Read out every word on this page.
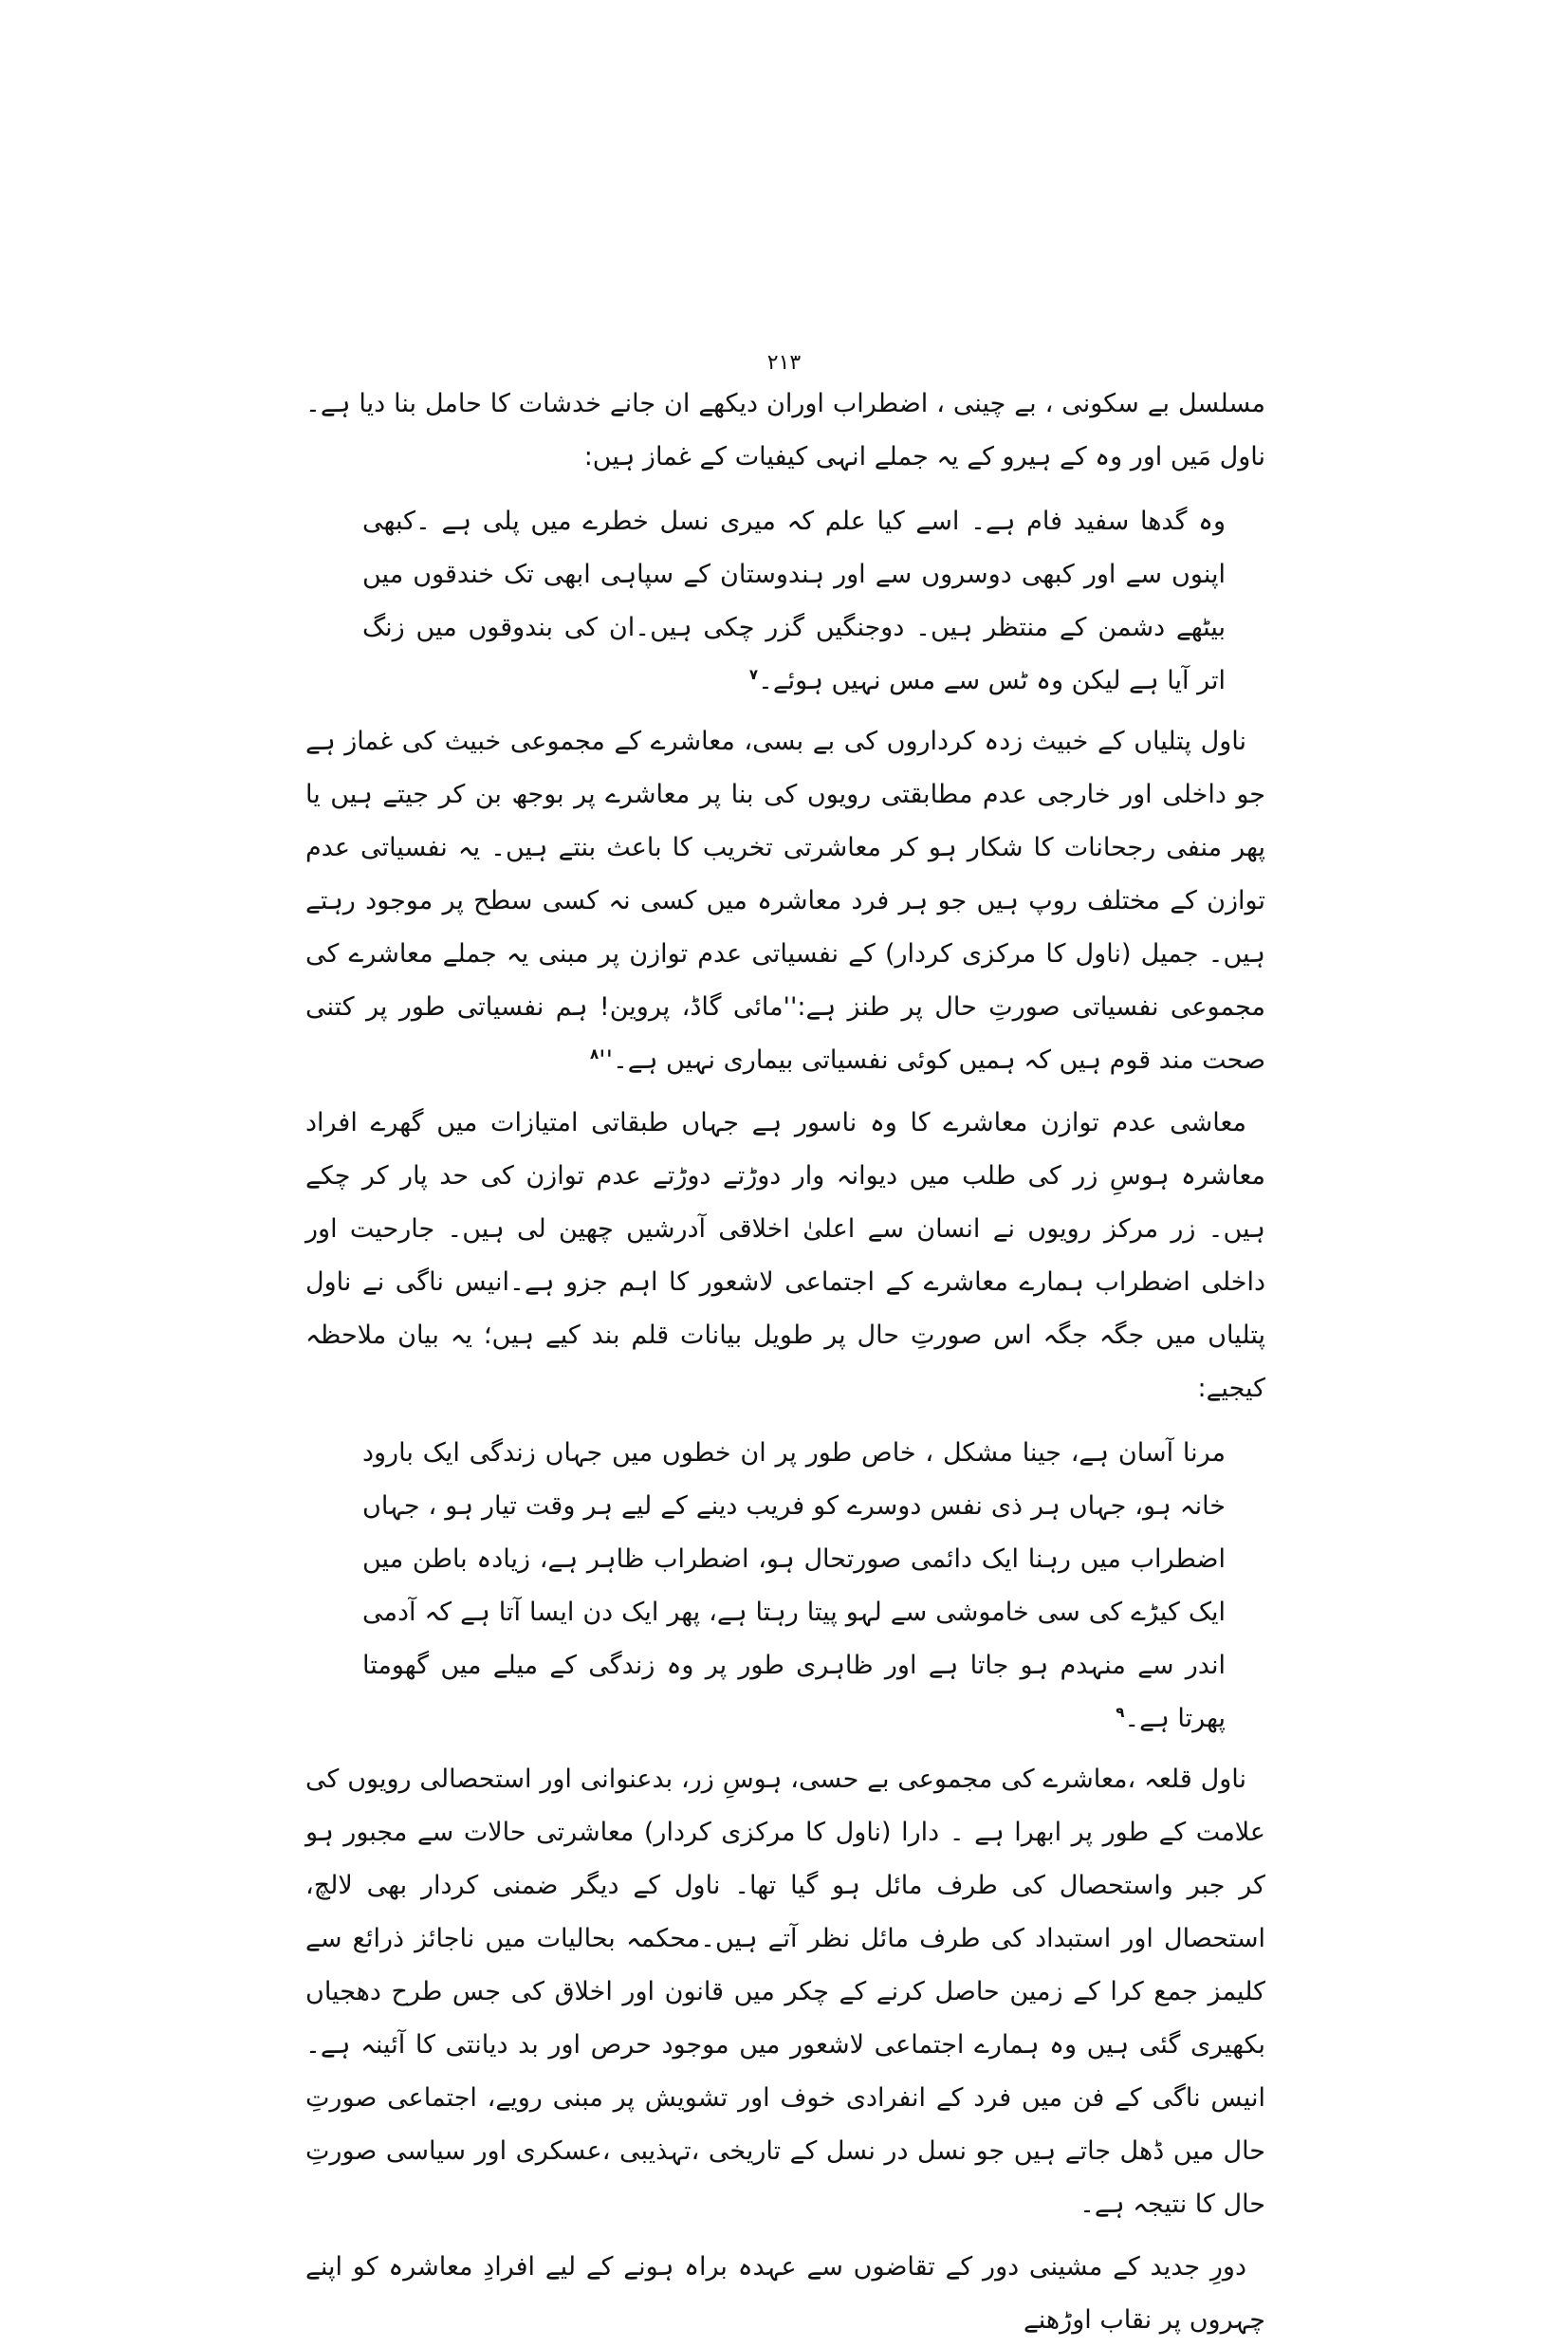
۲۱۳

مسلسل بے سکونی ، بے چینی ، اضطراب اوران دیکھے ان جانے خدشات کا حامل بنا دیا ہے۔ناول مَیں اور وہ کے ہیرو کے یہ جملے انہی کیفیات کے غماز ہیں:

وہ گدھا سفید فام ہے۔ اسے کیا علم کہ میری نسل خطرے میں پلی ہے ۔کبھی اپنوں سے اور کبھی دوسروں سے اور ہندوستان کے سپاہی ابھی تک خندقوں میں بیٹھے دشمن کے منتظر ہیں۔ دوجنگیں گزر چکی ہیں۔ان کی بندوقوں میں زنگ اتر آیا ہے لیکن وہ ٹس سے مس نہیں ہوئے۔$^۷$

ناول پتلیاں کے خبیث زدہ کرداروں کی بے بسی، معاشرے کے مجموعی خبیث کی غماز ہے جو داخلی اور خارجی عدم مطابقتی رویوں کی بنا پر معاشرے پر بوجھ بن کر جیتے ہیں یا پھر منفی رجحانات کا شکار ہو کر معاشرتی تخریب کا باعث بنتے ہیں۔ یہ نفسیاتی عدم توازن کے مختلف روپ ہیں جو ہر فرد معاشرہ میں کسی نہ کسی سطح پر موجود رہتے ہیں۔ جمیل (ناول کا مرکزی کردار) کے نفسیاتی عدم توازن پر مبنی یہ جملے معاشرے کی مجموعی نفسیاتی صورتِ حال پر طنز ہے:''مائی گاڈ، پروین! ہم نفسیاتی طور پر کتنی صحت مند قوم ہیں کہ ہمیں کوئی نفسیاتی بیماری نہیں ہے۔''$^۸$

معاشی عدم توازن معاشرے کا وہ ناسور ہے جہاں طبقاتی امتیازات میں گھرے افراد معاشرہ ہوسِ زر کی طلب میں دیوانہ وار دوڑتے دوڑتے عدم توازن کی حد پار کر چکے ہیں۔ زر مرکز رویوں نے انسان سے اعلیٰ اخلاقی آدرشیں چھین لی ہیں۔ جارحیت اور داخلی اضطراب ہمارے معاشرے کے اجتماعی لاشعور کا اہم جزو ہے۔انیس ناگی نے ناول پتلیاں میں جگہ جگہ اس صورتِ حال پر طویل بیانات قلم بند کیے ہیں؛ یہ بیان ملاحظہ کیجیے:

مرنا آسان ہے، جینا مشکل ، خاص طور پر ان خطوں میں جہاں زندگی ایک بارود خانہ ہو، جہاں ہر ذی نفس دوسرے کو فریب دینے کے لیے ہر وقت تیار ہو ، جہاں اضطراب میں رہنا ایک دائمی صورتحال ہو، اضطراب ظاہر ہے، زیادہ باطن میں ایک کیڑے کی سی خاموشی سے لہو پیتا رہتا ہے، پھر ایک دن ایسا آتا ہے کہ آدمی اندر سے منہدم ہو جاتا ہے اور ظاہری طور پر وہ زندگی کے میلے میں گھومتا پھرتا ہے۔$^۹$

ناول قلعہ ،معاشرے کی مجموعی بے حسی، ہوسِ زر، بدعنوانی اور استحصالی رویوں کی علامت کے طور پر ابھرا ہے ۔ دارا (ناول کا مرکزی کردار) معاشرتی حالات سے مجبور ہو کر جبر واستحصال کی طرف مائل ہو گیا تھا۔ ناول کے دیگر ضمنی کردار بھی لالچ، استحصال اور استبداد کی طرف مائل نظر آتے ہیں۔محکمہ بحالیات میں ناجائز ذرائع سے کلیمز جمع کرا کے زمین حاصل کرنے کے چکر میں قانون اور اخلاق کی جس طرح دھجیاں بکھیری گئی ہیں وہ ہمارے اجتماعی لاشعور میں موجود حرص اور بد دیانتی کا آئینہ ہے۔ انیس ناگی کے فن میں فرد کے انفرادی خوف اور تشویش پر مبنی رویے، اجتماعی صورتِ حال میں ڈھل جاتے ہیں جو نسل در نسل کے تاریخی ،تہذیبی ،عسکری اور سیاسی صورتِ حال کا نتیجہ ہے۔

دورِ جدید کے مشینی دور کے تقاضوں سے عہدہ براہ ہونے کے لیے افرادِ معاشرہ کو اپنے چہروں پر نقاب اوڑھنے
